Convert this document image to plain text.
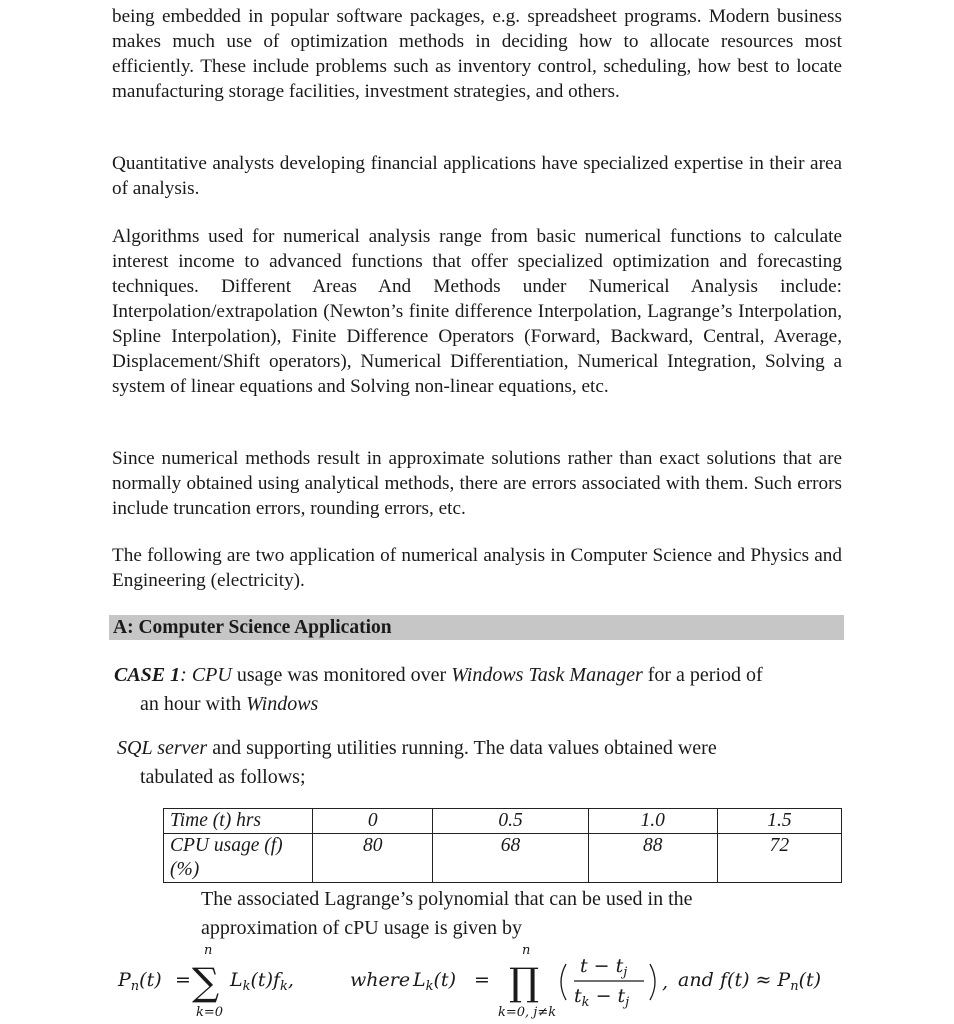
being embedded in popular software packages, e.g. spreadsheet programs. Modern business makes much use of optimization methods in deciding how to allocate resources most efficiently. These include problems such as inventory control, scheduling, how best to locate manufacturing storage facilities, investment strategies, and others.

Quantitative analysts developing financial applications have specialized expertise in their area of analysis.

Algorithms used for numerical analysis range from basic numerical functions to calculate interest income to advanced functions that offer specialized optimization and forecasting techniques. Different Areas And Methods under Numerical Analysis include: Interpolation/extrapolation (Newton’s finite difference Interpolation, Lagrange’s Interpolation, Spline Interpolation), Finite Difference Operators (Forward, Backward, Central, Average, Displacement/Shift operators), Numerical Differentiation, Numerical Integration, Solving a system of linear equations and Solving non-linear equations, etc.

Since numerical methods result in approximate solutions rather than exact solutions that are normally obtained using analytical methods, there are errors associated with them. Such errors include truncation errors, rounding errors, etc.

The following are two application of numerical analysis in Computer Science and Physics and Engineering (electricity).

A: Computer Science Application
CASE 1: CPU usage was monitored over Windows Task Manager for a period of
an hour with Windows
SQL server and supporting utilities running. The data values obtained were
tabulated as follows;
Time (t) hrs	0	0.5	1.0	1.5
CPU usage (f) (%)	80	68	88	72
The associated Lagrange’s polynomial that can be used in the
approximation of cPU usage is given by
$P_n(t)$ =
n
∑
k=0
$L_k(t)f_k$,	where $L_k(t)$ =
n
∏
k=0, j≠k
$t - t_j$
$t_k - t_j$
, and $f(t) \approx P_n(t)$
